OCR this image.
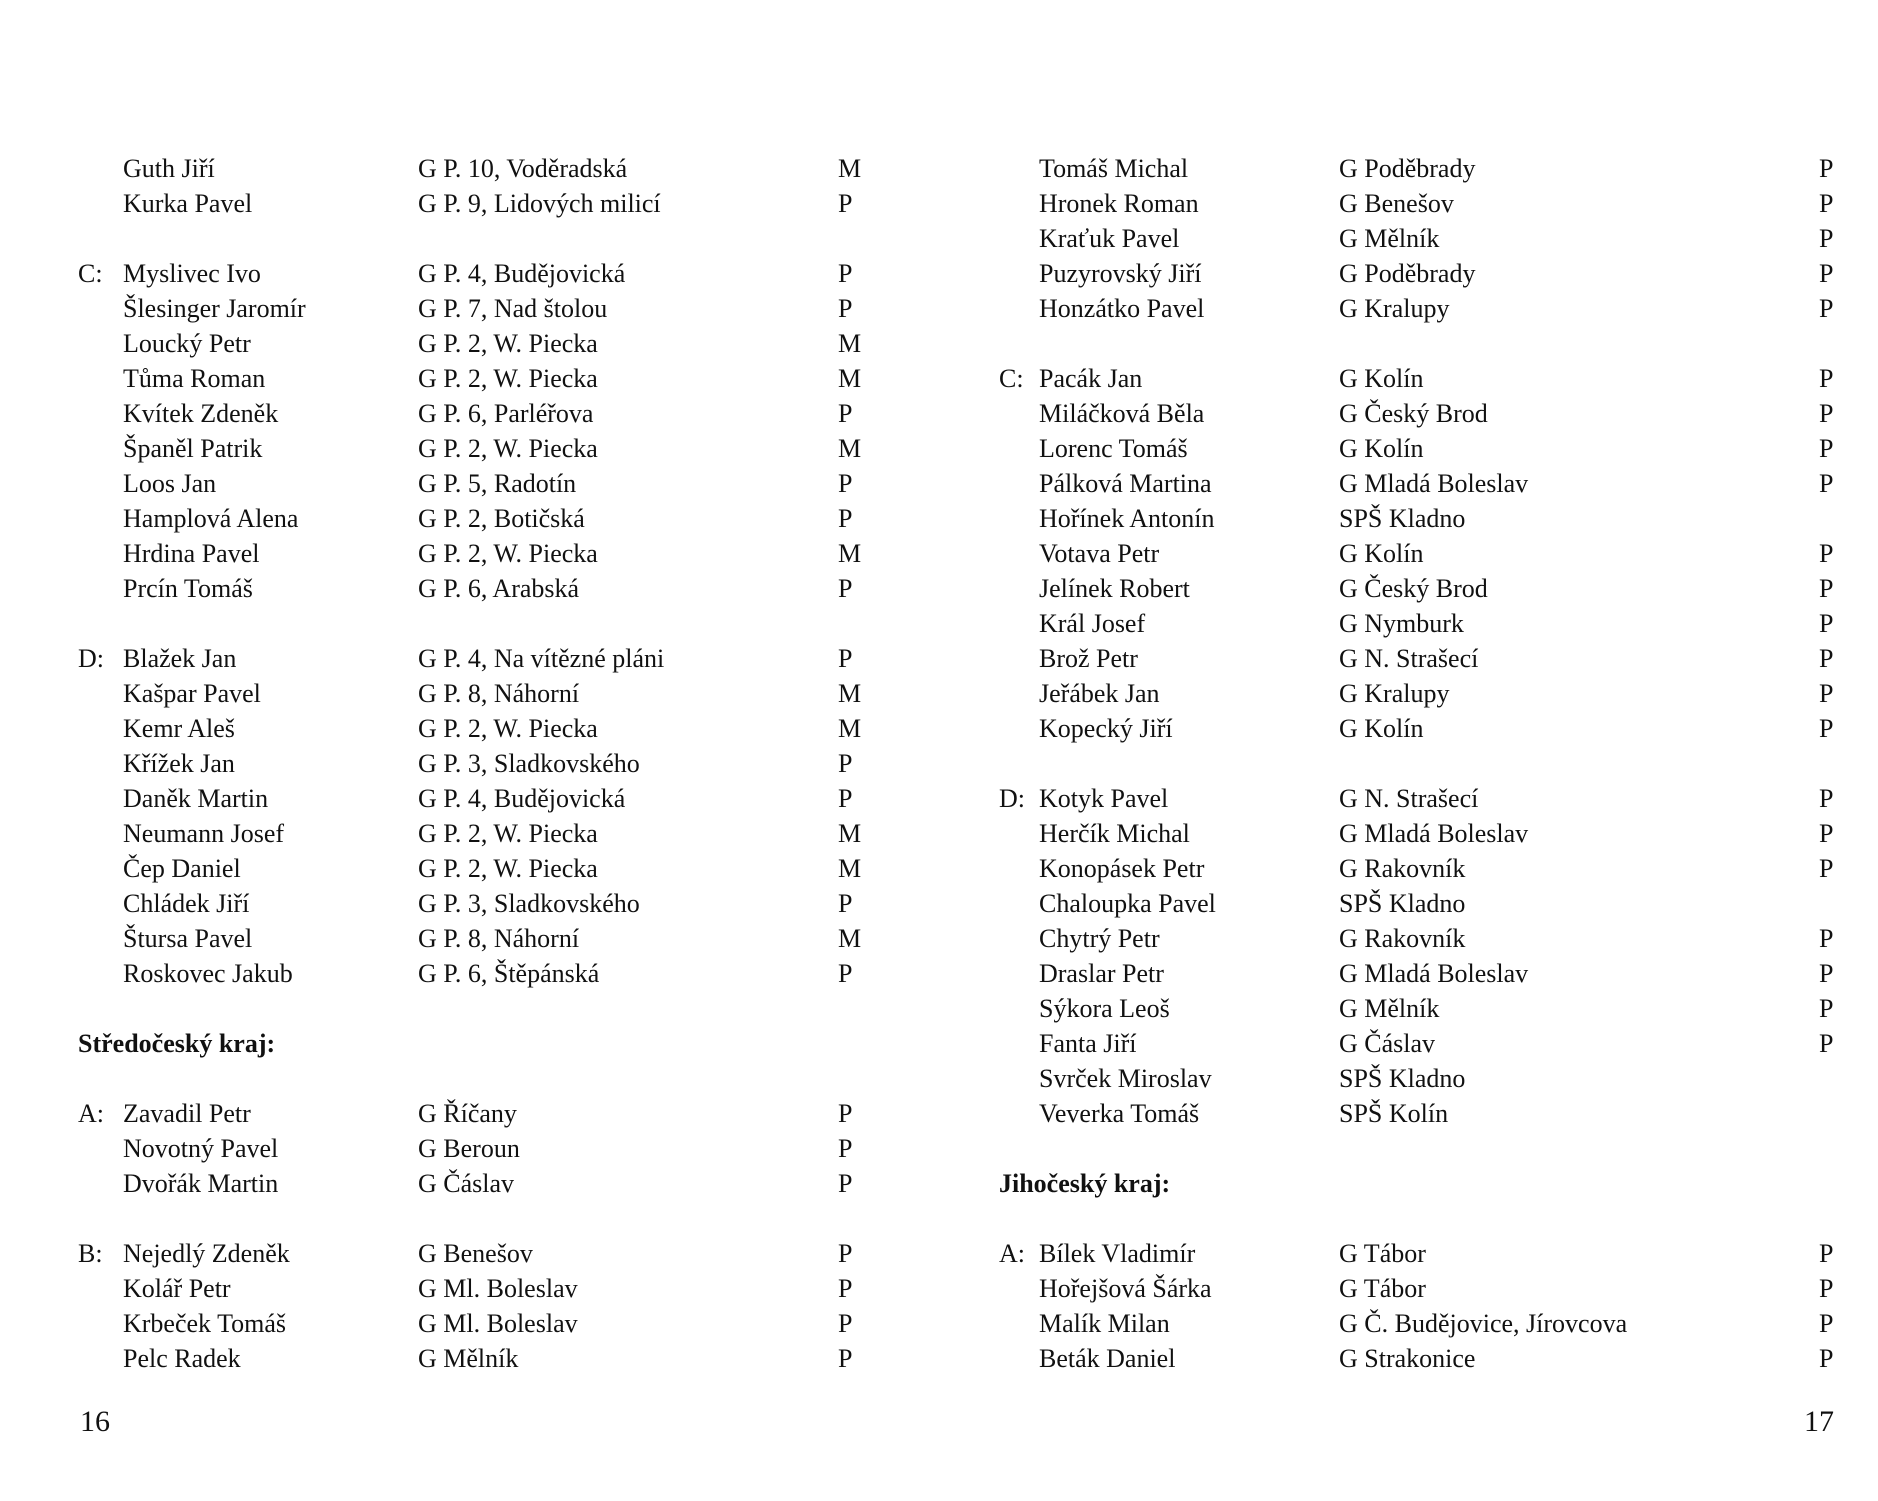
Guth Jiří	G P. 10, Voděradská	M
Kurka Pavel	G P. 9, Lidových milicí	P
C: Myslivec Ivo	G P. 4, Budějovická	P
Šlesinger Jaromír	G P. 7, Nad štolou	P
Loucký Petr	G P. 2, W. Piecka	M
Tůma Roman	G P. 2, W. Piecka	M
Kvítek Zdeněk	G P. 6, Parléřova	P
Španěl Patrik	G P. 2, W. Piecka	M
Loos Jan	G P. 5, Radotín	P
Hamplová Alena	G P. 2, Botičská	P
Hrdina Pavel	G P. 2, W. Piecka	M
Prcín Tomáš	G P. 6, Arabská	P
D: Blažek Jan	G P. 4, Na vítězné pláni	P
Kašpar Pavel	G P. 8, Náhorní	M
Kemr Aleš	G P. 2, W. Piecka	M
Křížek Jan	G P. 3, Sladkovského	P
Daněk Martin	G P. 4, Budějovická	P
Neumann Josef	G P. 2, W. Piecka	M
Čep Daniel	G P. 2, W. Piecka	M
Chládek Jiří	G P. 3, Sladkovského	P
Štursa Pavel	G P. 8, Náhorní	M
Roskovec Jakub	G P. 6, Štěpánská	P
Středočeský kraj:
A: Zavadil Petr	G Říčany	P
Novotný Pavel	G Beroun	P
Dvořák Martin	G Čáslav	P
B: Nejedlý Zdeněk	G Benešov	P
Kolář Petr	G Ml. Boleslav	P
Krbeček Tomáš	G Ml. Boleslav	P
Pelc Radek	G Mělník	P
16
Tomáš Michal	G Poděbrady	P
Hronek Roman	G Benešov	P
Kraťuk Pavel	G Mělník	P
Puzyrovský Jiří	G Poděbrady	P
Honzátko Pavel	G Kralupy	P
C: Pacák Jan	G Kolín	P
Miláčková Běla	G Český Brod	P
Lorenc Tomáš	G Kolín	P
Pálková Martina	G Mladá Boleslav	P
Hořínek Antonín	SPŠ Kladno
Votava Petr	G Kolín	P
Jelínek Robert	G Český Brod	P
Král Josef	G Nymburk	P
Brož Petr	G N. Strašecí	P
Jeřábek Jan	G Kralupy	P
Kopecký Jiří	G Kolín	P
D: Kotyk Pavel	G N. Strašecí	P
Herčík Michal	G Mladá Boleslav	P
Konopásek Petr	G Rakovník	P
Chaloupka Pavel	SPŠ Kladno
Chytrý Petr	G Rakovník	P
Draslar Petr	G Mladá Boleslav	P
Sýkora Leoš	G Mělník	P
Fanta Jiří	G Čáslav	P
Svrček Miroslav	SPŠ Kladno
Veverka Tomáš	SPŠ Kolín
Jihočeský kraj:
A: Bílek Vladimír	G Tábor	P
Hořejšová Šárka	G Tábor	P
Malík Milan	G Č. Budějovice, Jírovcova	P
Beták Daniel	G Strakonice	P
17
